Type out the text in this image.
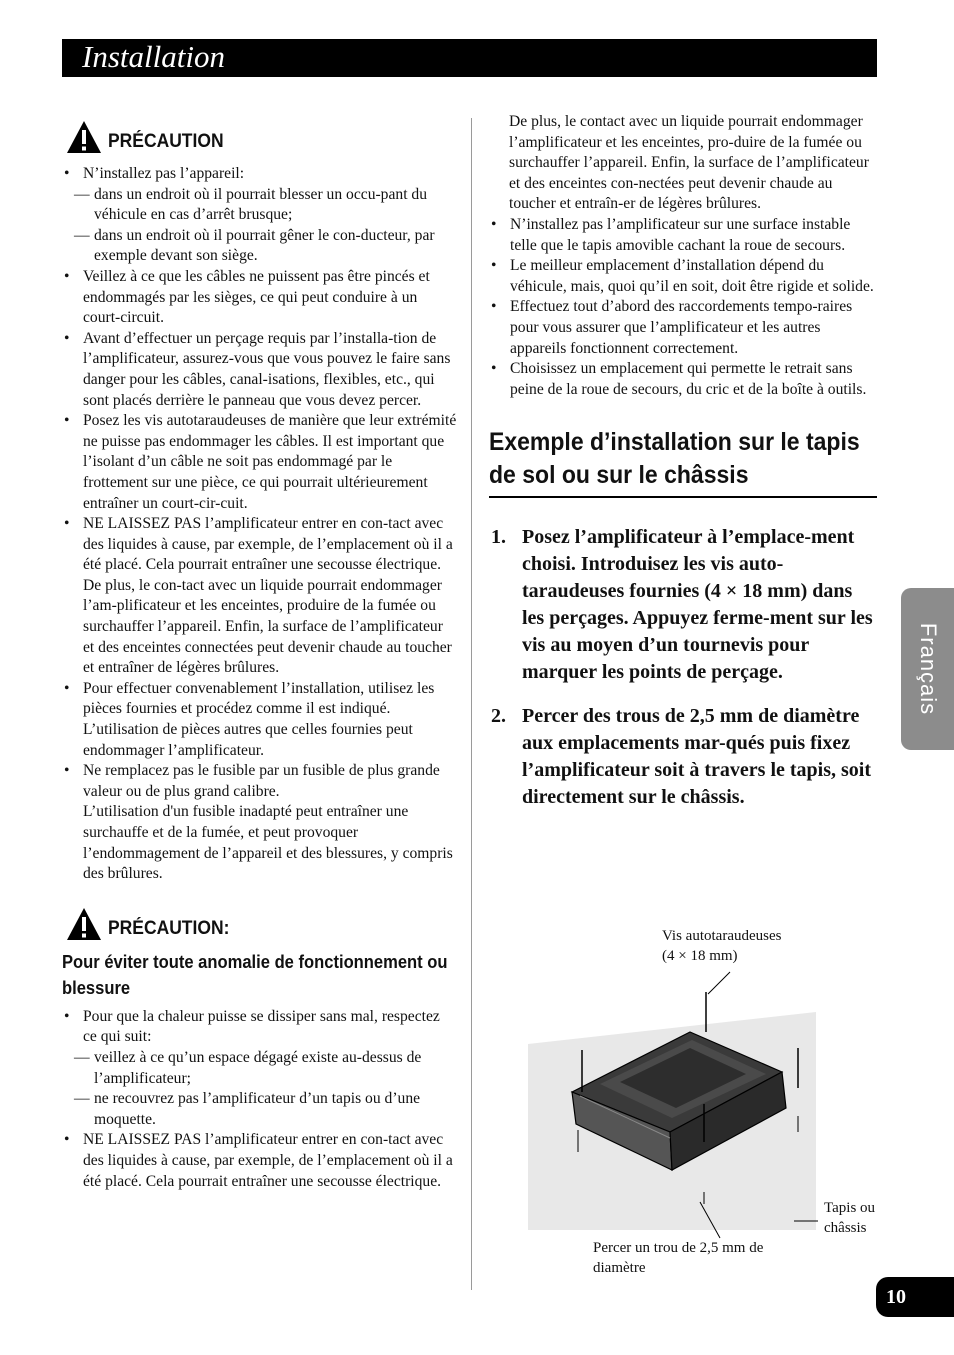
Installation
PRÉCAUTION
• N’installez pas l’appareil:
— dans un endroit où il pourrait blesser un occu-pant du véhicule en cas d’arrêt brusque;
— dans un endroit où il pourrait gêner le con-ducteur, par exemple devant son siège.
• Veillez à ce que les câbles ne puissent pas être pincés et endommagés par les sièges, ce qui peut conduire à un court-circuit.
• Avant d’effectuer un perçage requis par l’installa-tion de l’amplificateur, assurez-vous que vous pouvez le faire sans danger pour les câbles, canal-isations, flexibles, etc., qui sont placés derrière le panneau que vous devez percer.
• Posez les vis autotaraudeuses de manière que leur extrémité ne puisse pas endommager les câbles. Il est important que l’isolant d’un câble ne soit pas endommagé par le frottement sur une pièce, ce qui pourrait ultérieurement entraîner un court-cir-cuit.
• NE LAISSEZ PAS l’amplificateur entrer en con-tact avec des liquides à cause, par exemple, de l’emplacement où il a été placé. Cela pourrait entraîner une secousse électrique. De plus, le con-tact avec un liquide pourrait endommager l’am-plificateur et les enceintes, produire de la fumée ou surchauffer l’appareil. Enfin, la surface de l’amplificateur et des enceintes connectées peut devenir chaude au toucher et entraîner de légères brûlures.
• Pour effectuer convenablement l’installation, utilisez les pièces fournies et procédez comme il est indiqué. L’utilisation de pièces autres que celles fournies peut endommager l’amplificateur.
• Ne remplacez pas le fusible par un fusible de plus grande valeur ou de plus grand calibre.
L’utilisation d'un fusible inadapté peut entraîner une surchauffe et de la fumée, et peut provoquer l’endommagement de l’appareil et des blessures, y compris des brûlures.
PRÉCAUTION:
Pour éviter toute anomalie de fonctionnement ou blessure
• Pour que la chaleur puisse se dissiper sans mal, respectez ce qui suit:
— veillez à ce qu’un espace dégagé existe au-dessus de l’amplificateur;
— ne recouvrez pas l’amplificateur d’un tapis ou d’une moquette.
• NE LAISSEZ PAS l’amplificateur entrer en con-tact avec des liquides à cause, par exemple, de l’emplacement où il a été placé. Cela pourrait entraîner une secousse électrique.
De plus, le contact avec un liquide pourrait endommager l’amplificateur et les enceintes, pro-duire de la fumée ou surchauffer l’appareil. Enfin, la surface de l’amplificateur et des enceintes con-nectées peut devenir chaude au toucher et entraîn-er de légères brûlures.
• N’installez pas l’amplificateur sur une surface instable telle que le tapis amovible cachant la roue de secours.
• Le meilleur emplacement d’installation dépend du véhicule, mais, quoi qu’il en soit, doit être rigide et solide.
• Effectuez tout d’abord des raccordements tempo-raires pour vous assurer que l’amplificateur et les autres appareils fonctionnent correctement.
• Choisissez un emplacement qui permette le retrait sans peine de la roue de secours, du cric et de la boîte à outils.
Exemple d’installation sur le tapis de sol ou sur le châssis
1. Posez l’amplificateur à l’emplace-ment choisi. Introduisez les vis auto-taraudeuses fournies (4 × 18 mm) dans les perçages. Appuyez ferme-ment sur les vis au moyen d’un tournevis pour marquer les points de perçage.
2. Percer des trous de 2,5 mm de diamètre aux emplacements mar-qués puis fixez l’amplificateur soit à travers le tapis, soit directement sur le châssis.
Vis autotaraudeuses
(4 × 18 mm)
Tapis ou
châssis
Percer un trou de 2,5 mm de
diamètre
Français
10
